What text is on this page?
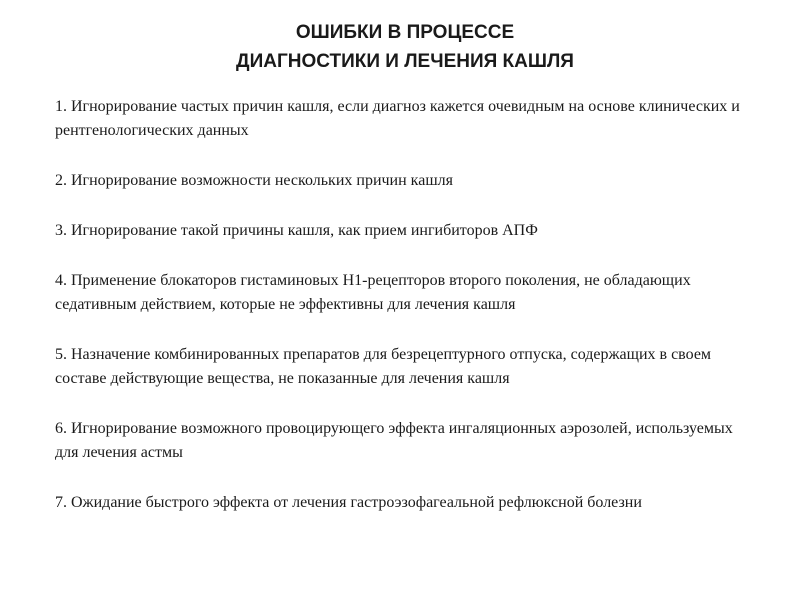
ОШИБКИ В ПРОЦЕССЕ
ДИАГНОСТИКИ И ЛЕЧЕНИЯ КАШЛЯ
1. Игнорирование частых причин кашля, если диагноз кажется очевидным на основе клинических и рентгенологических данных
2. Игнорирование возможности нескольких причин кашля
3. Игнорирование такой причины кашля, как прием ингибиторов АПФ
4. Применение блокаторов гистаминовых Н1-рецепторов второго поколения, не обладающих седативным действием, которые не эффективны для лечения кашля
5. Назначение комбинированных препаратов для безрецептурного отпуска, содержащих в своем составе действующие вещества, не показанные для лечения кашля
6. Игнорирование возможного провоцирующего эффекта ингаляционных аэрозолей, используемых для лечения астмы
7. Ожидание быстрого эффекта от лечения гастроэзофагеальной рефлюксной болезни
